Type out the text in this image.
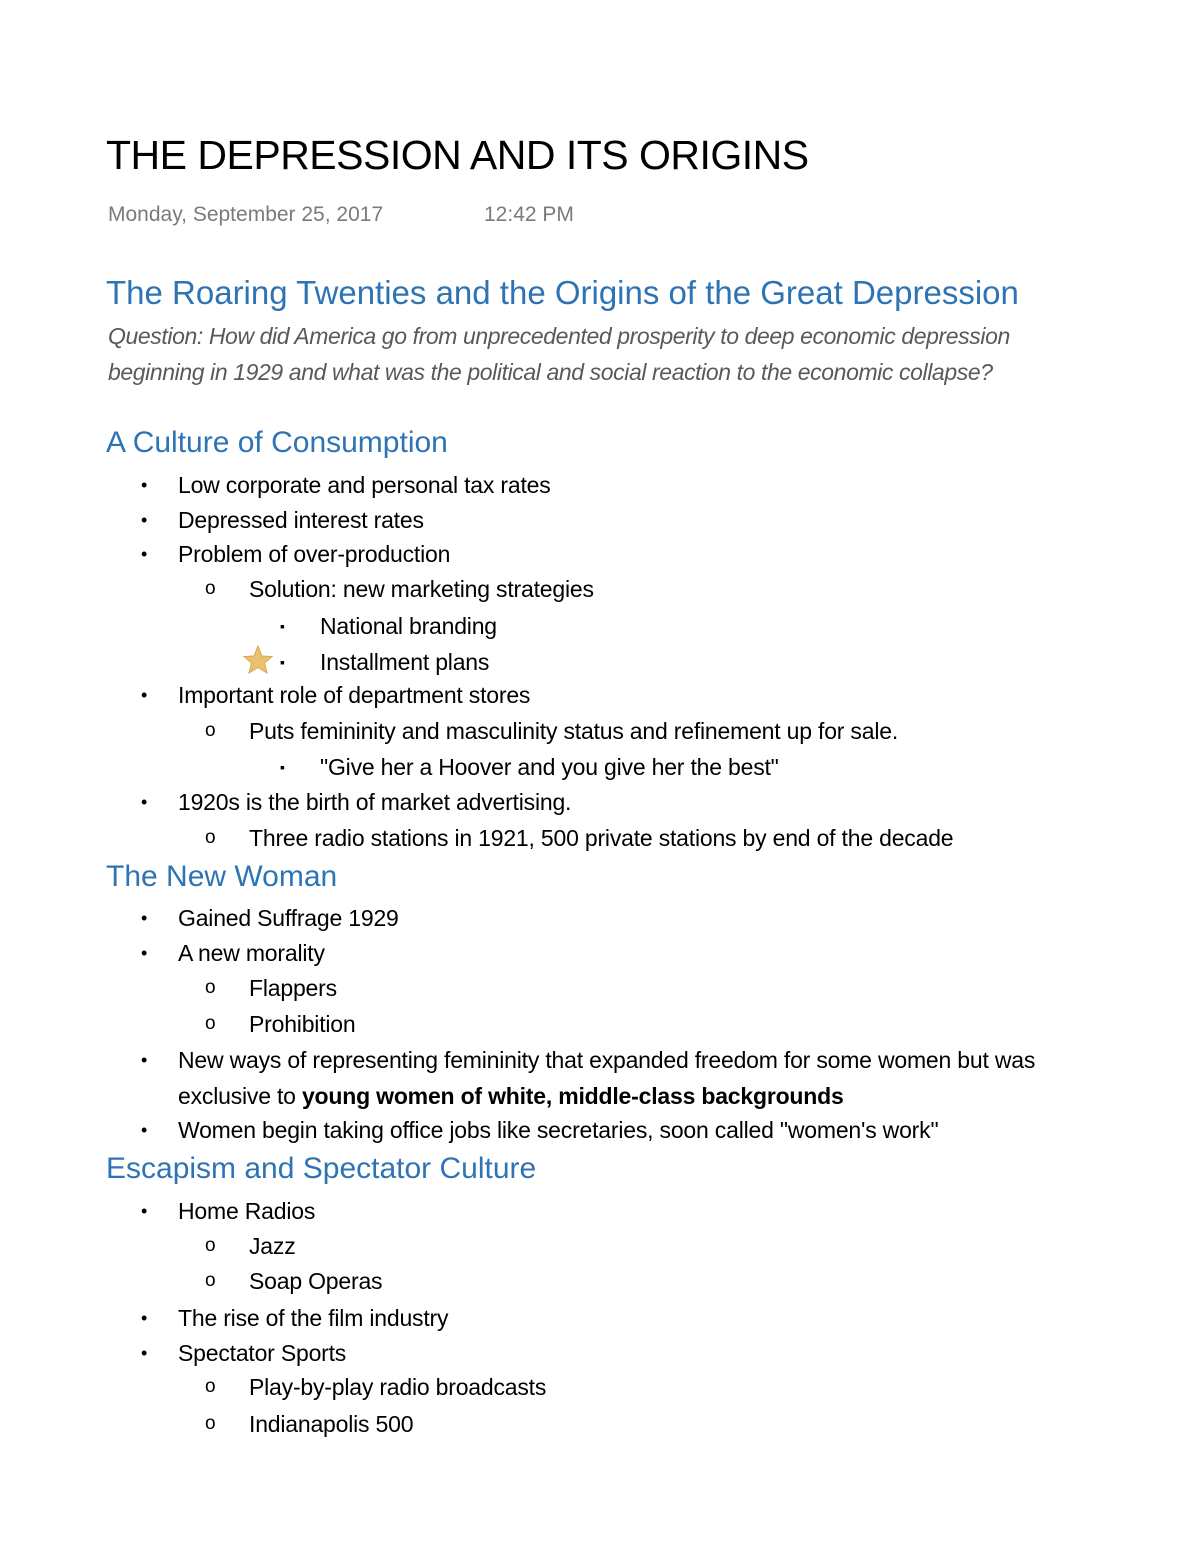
THE DEPRESSION AND ITS ORIGINS
Monday, September 25, 2017	12:42 PM
The Roaring Twenties and the Origins of the Great Depression
Question: How did America go from unprecedented prosperity to deep economic depression
beginning in 1929 and what was the political and social reaction to the economic collapse?
A Culture of Consumption
• Low corporate and personal tax rates
• Depressed interest rates
• Problem of over-production
o Solution: new marketing strategies
▪ National branding
▪ Installment plans
• Important role of department stores
o Puts femininity and masculinity status and refinement up for sale.
▪ "Give her a Hoover and you give her the best"
• 1920s is the birth of market advertising.
o Three radio stations in 1921, 500 private stations by end of the decade
The New Woman
• Gained Suffrage 1929
• A new morality
o Flappers
o Prohibition
• New ways of representing femininity that expanded freedom for some women but was
exclusive to young women of white, middle-class backgrounds
• Women begin taking office jobs like secretaries, soon called "women's work"
Escapism and Spectator Culture
• Home Radios
o Jazz
o Soap Operas
• The rise of the film industry
• Spectator Sports
o Play-by-play radio broadcasts
o Indianapolis 500
